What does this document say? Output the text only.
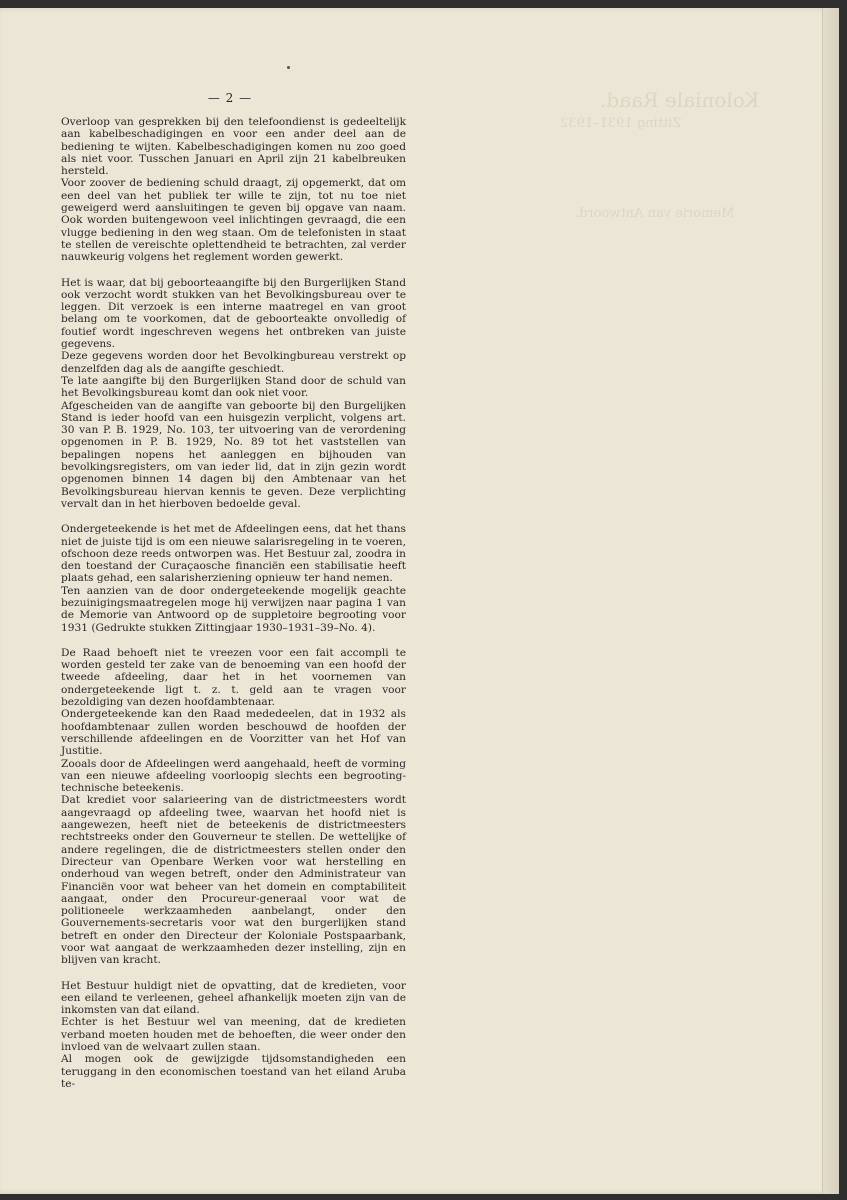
Koloniale Raad.
Zitting 1931–1932
Memorie van Antwoord.
— 2 —

Overloop van gesprekken bij den telefoondienst is gedeeltelijk aan kabelbeschadigingen en voor een ander deel aan de bediening te wijten. Kabelbeschadigingen komen nu zoo goed als niet voor. Tusschen Januari en April zijn 21 kabelbreuken hersteld.

Voor zoover de bediening schuld draagt, zij opgemerkt, dat om een deel van het publiek ter wille te zijn, tot nu toe niet geweigerd werd aansluitingen te geven bij opgave van naam. Ook worden buitengewoon veel inlichtingen gevraagd, die een vlugge bediening in den weg staan. Om de telefonisten in staat te stellen de vereischte oplettendheid te betrachten, zal verder nauwkeurig volgens het reglement worden gewerkt.

Het is waar, dat bij geboorteaangifte bij den Burgerlijken Stand ook verzocht wordt stukken van het Bevolkingsbureau over te leggen. Dit verzoek is een interne maatregel en van groot belang om te voorkomen, dat de geboorteakte onvolledig of foutief wordt ingeschreven wegens het ontbreken van juiste gegevens.

Deze gegevens worden door het Bevolkingbureau verstrekt op denzelfden dag als de aangifte geschiedt.

Te late aangifte bij den Burgerlijken Stand door de schuld van het Bevolkingsbureau komt dan ook niet voor.

Afgescheiden van de aangifte van geboorte bij den Burgelijken Stand is ieder hoofd van een huisgezin verplicht, volgens art. 30 van P. B. 1929, No. 103, ter uitvoering van de verordening opgenomen in P. B. 1929, No. 89 tot het vaststellen van bepalingen nopens het aanleggen en bijhouden van bevolkingsregisters, om van ieder lid, dat in zijn gezin wordt opgenomen binnen 14 dagen bij den Ambtenaar van het Bevolkingsbureau hiervan kennis te geven. Deze verplichting vervalt dan in het hierboven bedoelde geval.

Ondergeteekende is het met de Afdeelingen eens, dat het thans niet de juiste tijd is om een nieuwe salarisregeling in te voeren, ofschoon deze reeds ontworpen was. Het Bestuur zal, zoodra in den toestand der Curaçaosche financiën een stabilisatie heeft plaats gehad, een salarisherziening opnieuw ter hand nemen.

Ten aanzien van de door ondergeteekende mogelijk geachte bezuinigingsmaatregelen moge hij verwijzen naar pagina 1 van de Memorie van Antwoord op de suppletoire begrooting voor 1931 (Gedrukte stukken Zittingjaar 1930–1931–39–No. 4).

De Raad behoeft niet te vreezen voor een fait accompli te worden gesteld ter zake van de benoeming van een hoofd der tweede afdeeling, daar het in het voornemen van ondergeteekende ligt t. z. t. geld aan te vragen voor bezoldiging van dezen hoofdambtenaar.

Ondergeteekende kan den Raad mededeelen, dat in 1932 als hoofdambtenaar zullen worden beschouwd de hoofden der verschillende afdeelingen en de Voorzitter van het Hof van Justitie.

Zooals door de Afdeelingen werd aangehaald, heeft de vorming van een nieuwe afdeeling voorloopig slechts een begrooting-technische beteekenis.

Dat krediet voor salarieering van de districtmeesters wordt aangevraagd op afdeeling twee, waarvan het hoofd niet is aangewezen, heeft niet de beteekenis de districtmeesters rechtstreeks onder den Gouverneur te stellen. De wettelijke of andere regelingen, die de districtmeesters stellen onder den Directeur van Openbare Werken voor wat herstelling en onderhoud van wegen betreft, onder den Administrateur van Financiën voor wat beheer van het domein en comptabiliteit aangaat, onder den Procureur-generaal voor wat de politioneele werkzaamheden aanbelangt, onder den Gouvernements-secretaris voor wat den burgerlijken stand betreft en onder den Directeur der Koloniale Postspaarbank, voor wat aangaat de werkzaamheden dezer instelling, zijn en blijven van kracht.

Het Bestuur huldigt niet de opvatting, dat de kredieten, voor een eiland te verleenen, geheel afhankelijk moeten zijn van de inkomsten van dat eiland.

Echter is het Bestuur wel van meening, dat de kredieten verband moeten houden met de behoeften, die weer onder den invloed van de welvaart zullen staan.

Al mogen ook de gewijzigde tijdsomstandigheden een teruggang in den economischen toestand van het eiland Aruba te-
